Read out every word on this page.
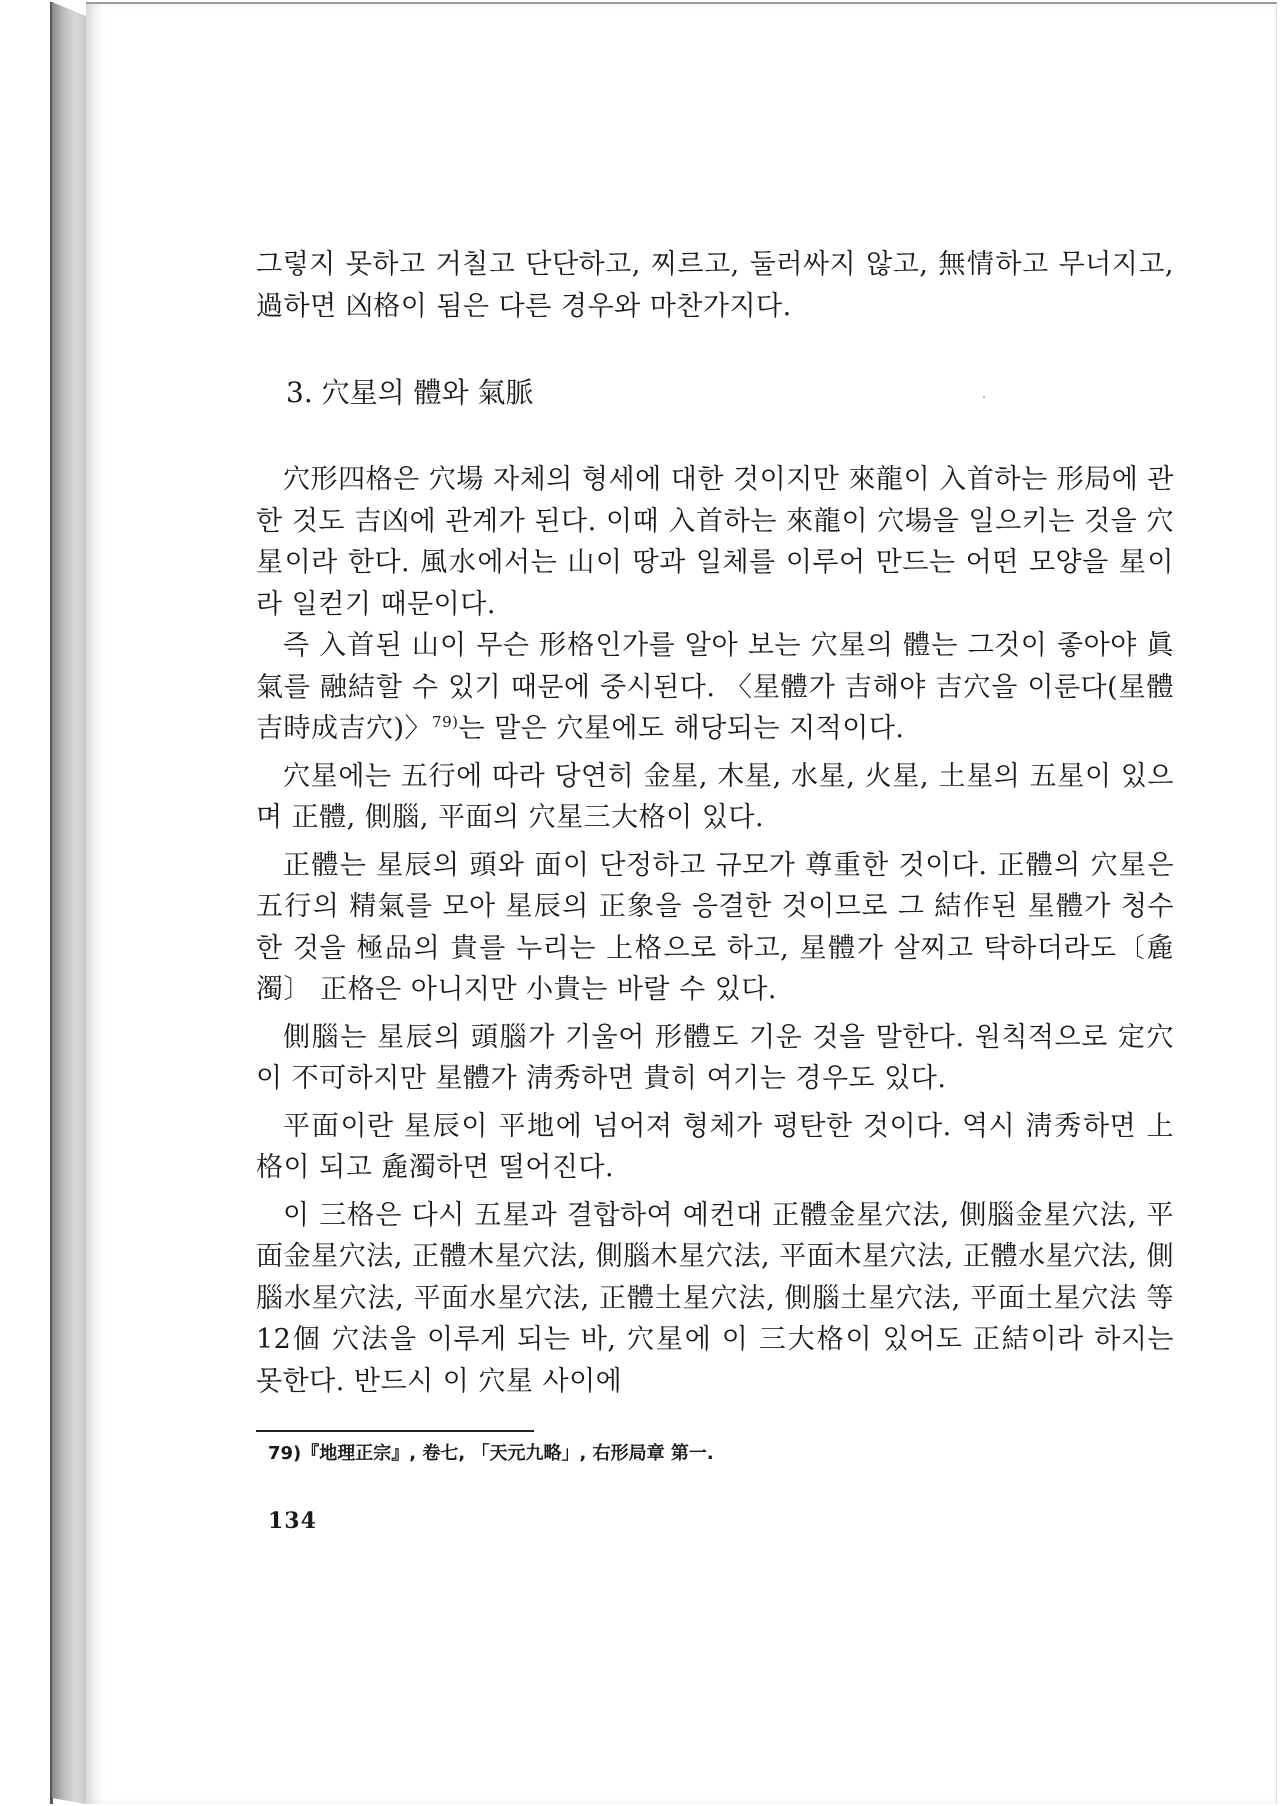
그렇지 못하고 거칠고 단단하고, 찌르고, 둘러싸지 않고, 無情하고 무너지고, 過하면 凶格이 됨은 다른 경우와 마찬가지다.

3. 穴星의 體와 氣脈

穴形四格은 穴場 자체의 형세에 대한 것이지만 來龍이 入首하는 形局에 관한 것도 吉凶에 관계가 된다. 이때 入首하는 來龍이 穴場을 일으키는 것을 穴星이라 한다. 風水에서는 山이 땅과 일체를 이루어 만드는 어떤 모양을 星이라 일컫기 때문이다.

즉 入首된 山이 무슨 形格인가를 알아 보는 穴星의 體는 그것이 좋아야 眞氣를 融結할 수 있기 때문에 중시된다. 〈星體가 吉해야 吉穴을 이룬다(星體吉時成吉穴)〉$^{79)}$는 말은 穴星에도 해당되는 지적이다.

穴星에는 五行에 따라 당연히 金星, 木星, 水星, 火星, 土星의 五星이 있으며 正體, 側腦, 平面의 穴星三大格이 있다.

正體는 星辰의 頭와 面이 단정하고 규모가 尊重한 것이다. 正體의 穴星은 五行의 精氣를 모아 星辰의 正象을 응결한 것이므로 그 結作된 星體가 청수한 것을 極品의 貴를 누리는 上格으로 하고, 星體가 살찌고 탁하더라도〔麁濁〕 正格은 아니지만 小貴는 바랄 수 있다.

側腦는 星辰의 頭腦가 기울어 形體도 기운 것을 말한다. 원칙적으로 定穴이 不可하지만 星體가 淸秀하면 貴히 여기는 경우도 있다.

平面이란 星辰이 平地에 넘어져 형체가 평탄한 것이다. 역시 淸秀하면 上格이 되고 麁濁하면 떨어진다.

이 三格은 다시 五星과 결합하여 예컨대 正體金星穴法, 側腦金星穴法, 平面金星穴法, 正體木星穴法, 側腦木星穴法, 平面木星穴法, 正體水星穴法, 側腦水星穴法, 平面水星穴法, 正體土星穴法, 側腦土星穴法, 平面土星穴法 等 12個 穴法을 이루게 되는 바, 穴星에 이 三大格이 있어도 正結이라 하지는 못한다. 반드시 이 穴星 사이에

79)『地理正宗』, 卷七, 「天元九略」, 右形局章 第一.
134
